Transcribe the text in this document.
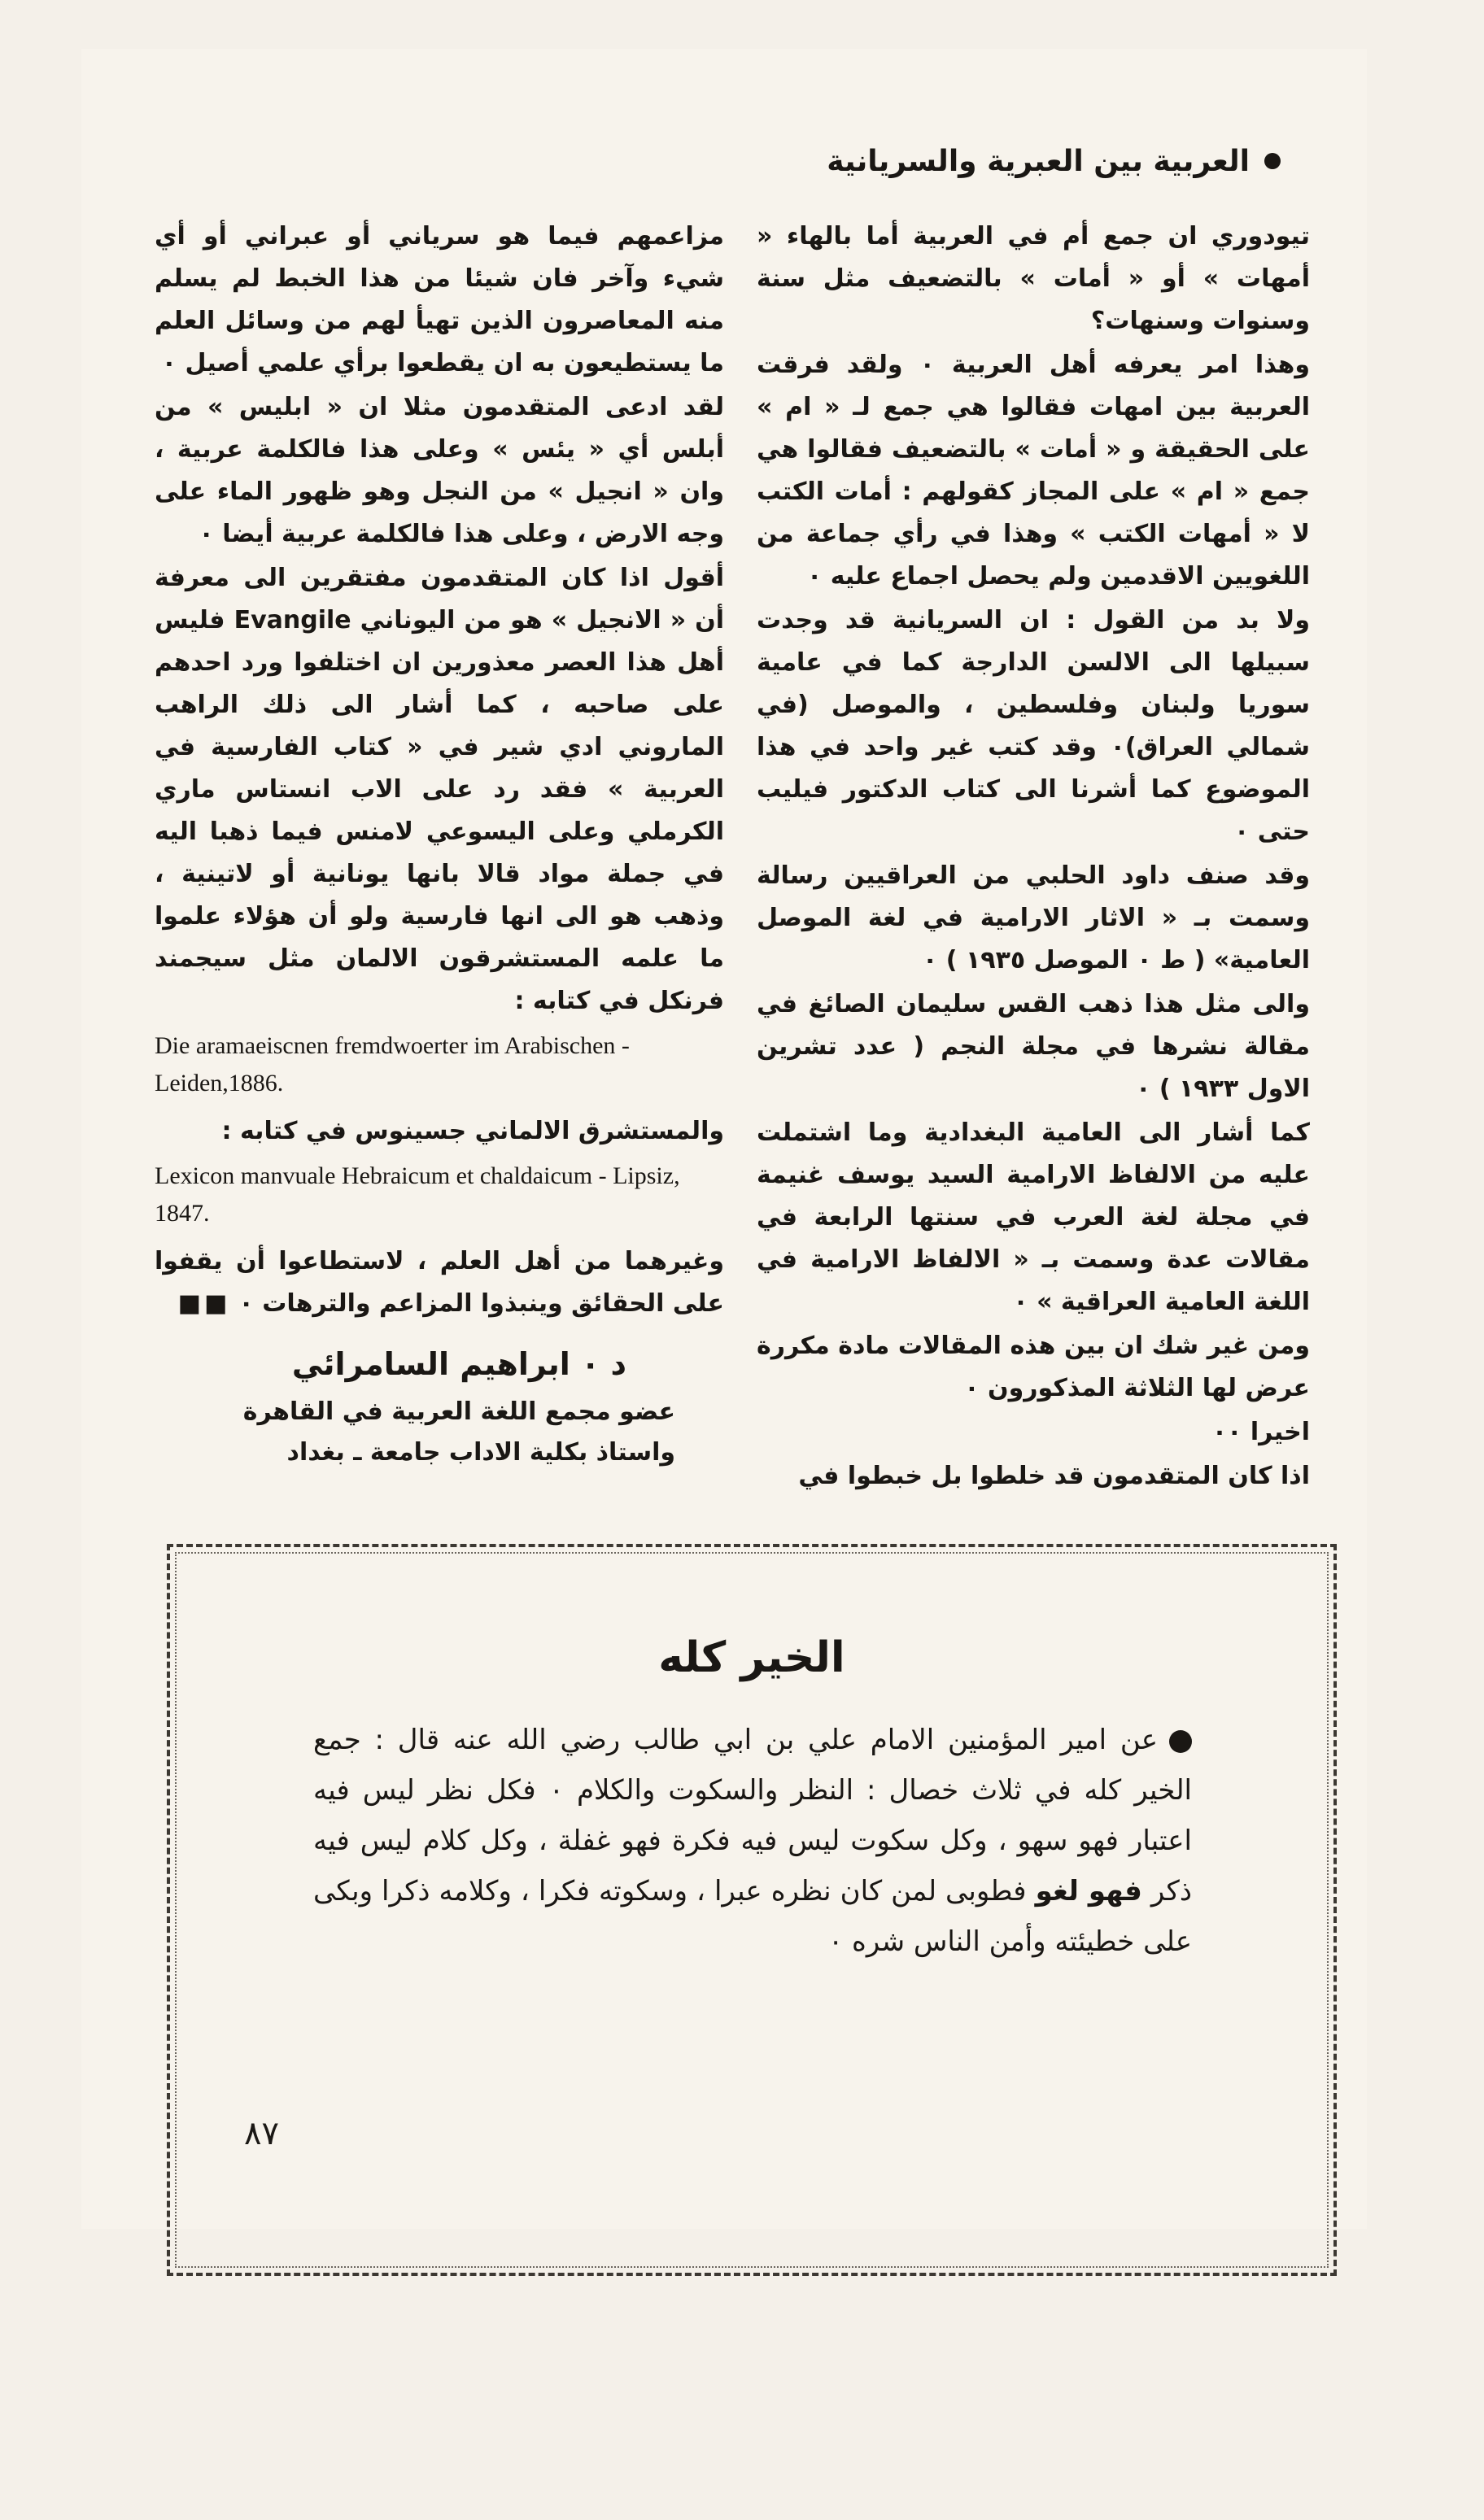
العربية بين العبرية والسريانية

تيودوري ان جمع أم في العربية أما بالهاء « أمهات » أو « أمات » بالتضعيف مثل سنة وسنوات وسنهات؟

وهذا امر يعرفه أهل العربية ٠ ولقد فرقت العربية بين امهات فقالوا هي جمع لـ « ام » على الحقيقة و « أمات » بالتضعيف فقالوا هي جمع « ام » على المجاز كقولهم : أمات الكتب لا « أمهات الكتب » وهذا في رأي جماعة من اللغويين الاقدمين ولم يحصل اجماع عليه ٠

ولا بد من القول : ان السريانية قد وجدت سبيلها الى الالسن الدارجة كما في عامية سوريا ولبنان وفلسطين ، والموصل (في شمالي العراق)٠ وقد كتب غير واحد في هذا الموضوع كما أشرنا الى كتاب الدكتور فيليب حتى ٠

وقد صنف داود الحلبي من العراقيين رسالة وسمت بـ « الاثار الارامية في لغة الموصل العامية» ( ط ٠ الموصل ١٩٣٥ ) ٠

والى مثل هذا ذهب القس سليمان الصائغ في مقالة نشرها في مجلة النجم ( عدد تشرين الاول ١٩٣٣ ) ٠

كما أشار الى العامية البغدادية وما اشتملت عليه من الالفاظ الارامية السيد يوسف غنيمة في مجلة لغة العرب في سنتها الرابعة في مقالات عدة وسمت بـ « الالفاظ الارامية في اللغة العامية العراقية » ٠

ومن غير شك ان بين هذه المقالات مادة مكررة عرض لها الثلاثة المذكورون ٠

اخيرا ٠٠

اذا كان المتقدمون قد خلطوا بل خبطوا في

مزاعمهم فيما هو سرياني أو عبراني أو أي شيء وآخر فان شيئا من هذا الخبط لم يسلم منه المعاصرون الذين تهيأ لهم من وسائل العلم ما يستطيعون به ان يقطعوا برأي علمي أصيل ٠

لقد ادعى المتقدمون مثلا ان « ابليس » من أبلس أي « يئس » وعلى هذا فالكلمة عربية ، وان « انجيل » من النجل وهو ظهور الماء على وجه الارض ، وعلى هذا فالكلمة عربية أيضا ٠

أقول اذا كان المتقدمون مفتقرين الى معرفة أن « الانجيل » هو من اليوناني Evangile فليس أهل هذا العصر معذورين ان اختلفوا ورد احدهم على صاحبه ، كما أشار الى ذلك الراهب الماروني ادي شير في « كتاب الفارسية في العربية » فقد رد على الاب انستاس ماري الكرملي وعلى اليسوعي لامنس فيما ذهبا اليه في جملة مواد قالا بانها يونانية أو لاتينية ، وذهب هو الى انها فارسية ولو أن هؤلاء علموا ما علمه المستشرقون الالمان مثل سيجمند فرنكل في كتابه :

Die aramaeiscnen fremdwoerter im Arabischen - Leiden,1886.

والمستشرق الالماني جسينوس في كتابه :

Lexicon manvuale Hebraicum et chaldaicum - Lipsiz, 1847.

وغيرهما من أهل العلم ، لاستطاعوا أن يقفوا على الحقائق وينبذوا المزاعم والترهات ٠■■

د ٠ ابراهيم السامرائي

عضو مجمع اللغة العربية في القاهرة

واستاذ بكلية الاداب جامعة ـ بغداد

الخير كله
عن امير المؤمنين الامام علي بن ابي طالب رضي الله عنه قال : جمع الخير كله في ثلاث خصال : النظر والسكوت والكلام ٠ فكل نظر ليس فيه اعتبار فهو سهو ، وكل سكوت ليس فيه فكرة فهو غفلة ، وكل كلام ليس فيه ذكر فهو لغو فطوبى لمن كان نظره عبرا ، وسكوته فكرا ، وكلامه ذكرا وبكى على خطيئته وأمن الناس شره ٠
٨٧
